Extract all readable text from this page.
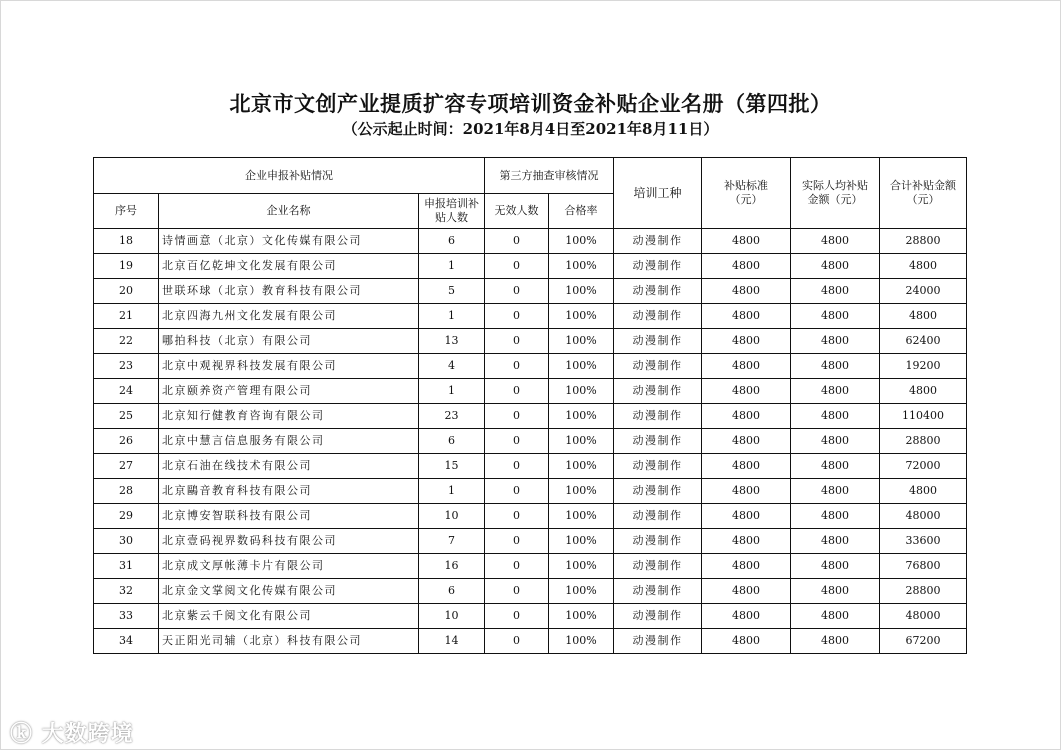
北京市文创产业提质扩容专项培训资金补贴企业名册（第四批）
（公示起止时间：2021年8月4日至2021年8月11日）
企业申报补贴情况			第三方抽查审核情况		培训工种	补贴标准（元）	实际人均补贴金额（元）	合计补贴金额（元）
序号	企业名称	申报培训补贴人数	无效人数	合格率				
18	诗情画意（北京）文化传媒有限公司	6	0	100%	动漫制作	4800	4800	28800
19	北京百亿乾坤文化发展有限公司	1	0	100%	动漫制作	4800	4800	4800
20	世联环球（北京）教育科技有限公司	5	0	100%	动漫制作	4800	4800	24000
21	北京四海九州文化发展有限公司	1	0	100%	动漫制作	4800	4800	4800
22	哪拍科技（北京）有限公司	13	0	100%	动漫制作	4800	4800	62400
23	北京中观视界科技发展有限公司	4	0	100%	动漫制作	4800	4800	19200
24	北京颐养资产管理有限公司	1	0	100%	动漫制作	4800	4800	4800
25	北京知行健教育咨询有限公司	23	0	100%	动漫制作	4800	4800	110400
26	北京中慧言信息服务有限公司	6	0	100%	动漫制作	4800	4800	28800
27	北京石油在线技术有限公司	15	0	100%	动漫制作	4800	4800	72000
28	北京鷗音教育科技有限公司	1	0	100%	动漫制作	4800	4800	4800
29	北京博安智联科技有限公司	10	0	100%	动漫制作	4800	4800	48000
30	北京壹码视界数码科技有限公司	7	0	100%	动漫制作	4800	4800	33600
31	北京成文厚帐薄卡片有限公司	16	0	100%	动漫制作	4800	4800	76800
32	北京金文掌阅文化传媒有限公司	6	0	100%	动漫制作	4800	4800	28800
33	北京紫云千阅文化有限公司	10	0	100%	动漫制作	4800	4800	48000
34	天正阳光司辅（北京）科技有限公司	14	0	100%	动漫制作	4800	4800	67200
ⓚ 大数跨境
